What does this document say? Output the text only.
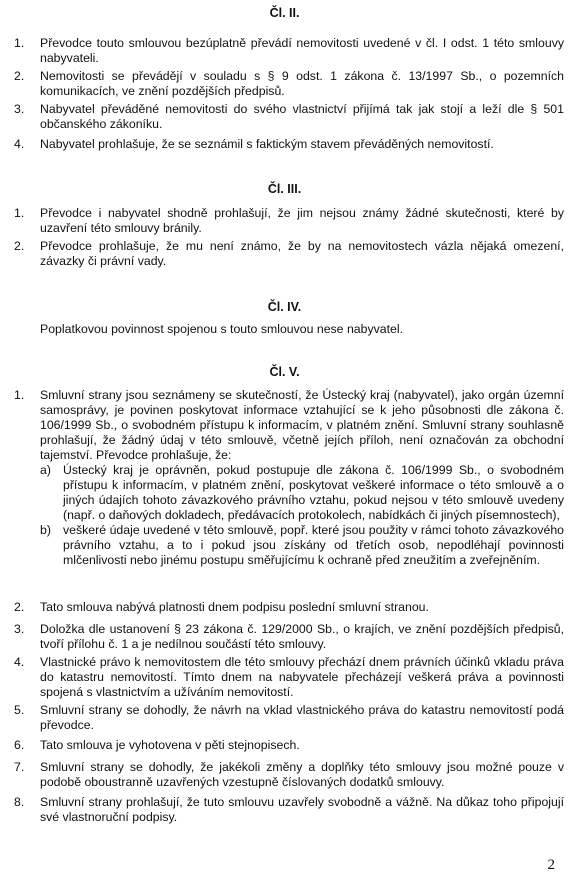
Čl. II.
1.	Převodce touto smlouvou bezúplatně převádí nemovitosti uvedené v čl. I odst. 1 této smlouvy nabyvateli.
2.	Nemovitosti se převádějí v souladu s § 9 odst. 1 zákona č. 13/1997 Sb., o pozemních komunikacích, ve znění pozdějších předpisů.
3.	Nabyvatel převáděné nemovitosti do svého vlastnictví přijímá tak jak stojí a leží dle § 501 občanského zákoníku.
4.	Nabyvatel prohlašuje, že se seznámil s faktickým stavem převáděných nemovitostí.
Čl. III.
1.	Převodce i nabyvatel shodně prohlašují, že jim nejsou známy žádné skutečnosti, které by uzavření této smlouvy bránily.
2.	Převodce prohlašuje, že mu není známo, že by na nemovitostech vázla nějaká omezení, závazky či právní vady.
Čl. IV.
Poplatkovou povinnost spojenou s touto smlouvou nese nabyvatel.
Čl. V.
1.	Smluvní strany jsou seznámeny se skutečností, že Ústecký kraj (nabyvatel), jako orgán územní samosprávy, je povinen poskytovat informace vztahující se k jeho působnosti dle zákona č. 106/1999 Sb., o svobodném přístupu k informacím, v platném znění. Smluvní strany souhlasně prohlašují, že žádný údaj v této smlouvě, včetně jejích příloh, není označován za obchodní tajemství. Převodce prohlašuje, že:
a) Ústecký kraj je oprávněn, pokud postupuje dle zákona č. 106/1999 Sb., o svobodném přístupu k informacím, v platném znění, poskytovat veškeré informace o této smlouvě a o jiných údajích tohoto závazkového právního vztahu, pokud nejsou v této smlouvě uvedeny (např. o daňových dokladech, předávacích protokolech, nabídkách či jiných písemnostech),
b) veškeré údaje uvedené v této smlouvě, popř. které jsou použity v rámci tohoto závazkového právního vztahu, a to i pokud jsou získány od třetích osob, nepodléhají povinnosti mlčenlivosti nebo jinému postupu směřujícímu k ochraně před zneužitím a zveřejněním.
2.	Tato smlouva nabývá platnosti dnem podpisu poslední smluvní stranou.
3.	Doložka dle ustanovení § 23 zákona č. 129/2000 Sb., o krajích, ve znění pozdějších předpisů, tvoří přílohu č. 1 a je nedílnou součástí této smlouvy.
4.	Vlastnické právo k nemovitostem dle této smlouvy přechází dnem právních účinků vkladu práva do katastru nemovitostí. Tímto dnem na nabyvatele přecházejí veškerá práva a povinnosti spojená s vlastnictvím a užíváním nemovitostí.
5.	Smluvní strany se dohodly, že návrh na vklad vlastnického práva do katastru nemovitostí podá převodce.
6.	Tato smlouva je vyhotovena v pěti stejnopisech.
7.	Smluvní strany se dohodly, že jakékoli změny a doplňky této smlouvy jsou možné pouze v podobě oboustranně uzavřených vzestupně číslovaných dodatků smlouvy.
8.	Smluvní strany prohlašují, že tuto smlouvu uzavřely svobodně a vážně. Na důkaz toho připojují své vlastnoruční podpisy.
2
